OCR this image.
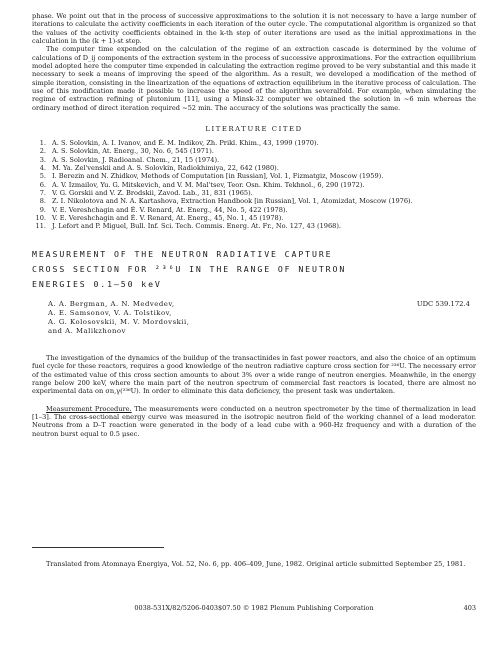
phase. We point out that in the process of successive approximations to the solution it is not necessary to have a large number of iterations to calculate the activity coefficients in each iteration of the outer cycle. The computational algorithm is organized so that the values of the activity coefficients obtained in the k-th step of outer iterations are used as the initial approximations in the calculation in the (k + 1)-st step.

The computer time expended on the calculation of the regime of an extraction cascade is determined by the volume of calculations of D_ij components of the extraction system in the process of successive approximations. For the extraction equilibrium model adopted here the computer time expended in calculating the extraction regime proved to be very substantial and this made it necessary to seek a means of improving the speed of the algorithm. As a result, we developed a modification of the method of simple iteration, consisting in the linearization of the equations of extraction equilibrium in the iterative process of calculation. The use of this modification made it possible to increase the speed of the algorithm severalfold. For example, when simulating the regime of extraction refining of plutonium [11], using a Minsk-32 computer we obtained the solution in ~6 min whereas the ordinary method of direct iteration required ~52 min. The accuracy of the solutions was practically the same.

LITERATURE CITED
1. A. S. Solovkin, A. I. Ivanov, and É. M. Indikov, Zh. Prikl. Khim., 43, 1999 (1970).
2. A. S. Solovkin, At. Energ., 30, No. 6, 545 (1971).
3. A. S. Solovkin, J. Radioanal. Chem., 21, 15 (1974).
4. M. Ya. Zel'venskii and A. S. Solovkin, Radiokhimiya, 22, 642 (1980).
5. I. Berezin and N. Zhidkov, Methods of Computation [in Russian], Vol. 1, Fizmatgiz, Moscow (1959).
6. A. V. Izmailov, Yu. G. Mitskevich, and V. M. Mal'tsev, Teor. Osn. Khim. Tekhnol., 6, 290 (1972).
7. V. G. Gorskii and V. Z. Brodskii, Zavod. Lab., 31, 831 (1965).
8. Z. I. Nikolotova and N. A. Kartashova, Extraction Handbook [in Russian], Vol. 1, Atomizdat, Moscow (1976).
9. V. E. Vereshchagin and É. V. Renard, At. Energ., 44, No. 5, 422 (1978).
10. V. E. Vereshchagin and É. V. Renard, At. Energ., 45, No. 1, 45 (1978).
11. J. Lefort and P. Miguel, Bull. Inf. Sci. Tech. Commis. Energ. At. Fr., No. 127, 43 (1968).
MEASUREMENT OF THE NEUTRON RADIATIVE CAPTURE
CROSS SECTION FOR ²³⁶U IN THE RANGE OF NEUTRON
ENERGIES 0.1–50 keV
A. A. Bergman, A. N. Medvedev,
A. E. Samsonov, V. A. Tolstikov,
A. G. Kolosovskii, M. V. Mordovskii,
and A. Malikzhonov
UDC 539.172.4

The investigation of the dynamics of the buildup of the transactinides in fast power reactors, and also the choice of an optimum fuel cycle for these reactors, requires a good knowledge of the neutron radiative capture cross section for ²³⁶U. The necessary error of the estimated value of this cross section amounts to about 3% over a wide range of neutron energies. Meanwhile, in the energy range below 200 keV, where the main part of the neutron spectrum of commercial fast reactors is located, there are almost no experimental data on σn,γ(²³⁶U). In order to eliminate this data deficiency, the present task was undertaken.

Measurement Procedure. The measurements were conducted on a neutron spectrometer by the time of thermalization in lead [1–3]. The cross-sectional energy curve was measured in the isotropic neutron field of the working channel of a lead moderator. Neutrons from a D–T reaction were generated in the body of a lead cube with a 960-Hz frequency and with a duration of the neutron burst equal to 0.5 μsec.

Translated from Atomnaya Énergiya, Vol. 52, No. 6, pp. 406–409, June, 1982. Original article submitted September 25, 1981.

0038-531X/82/5206-0403$07.50 © 1982 Plenum Publishing Corporation	403
